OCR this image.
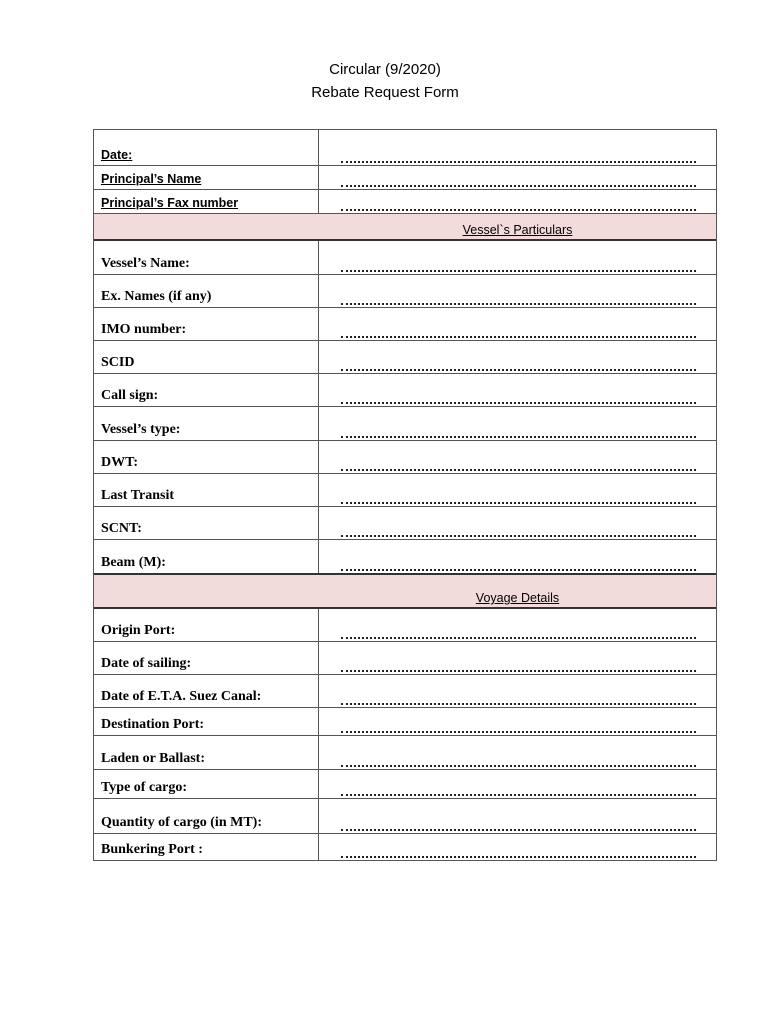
Circular (9/2020)
Rebate Request Form
Date:
Principal’s Name
Principal’s Fax number
Vessel`s Particulars
Vessel’s Name:
Ex. Names (if any)
IMO number:
SCID
Call sign:
Vessel’s type:
DWT:
Last Transit
SCNT:
Beam (M):
Voyage Details
Origin Port:
Date of sailing:
Date of E.T.A. Suez Canal:
Destination Port:
Laden or Ballast:
Type of cargo:
Quantity of cargo (in MT):
Bunkering Port :
